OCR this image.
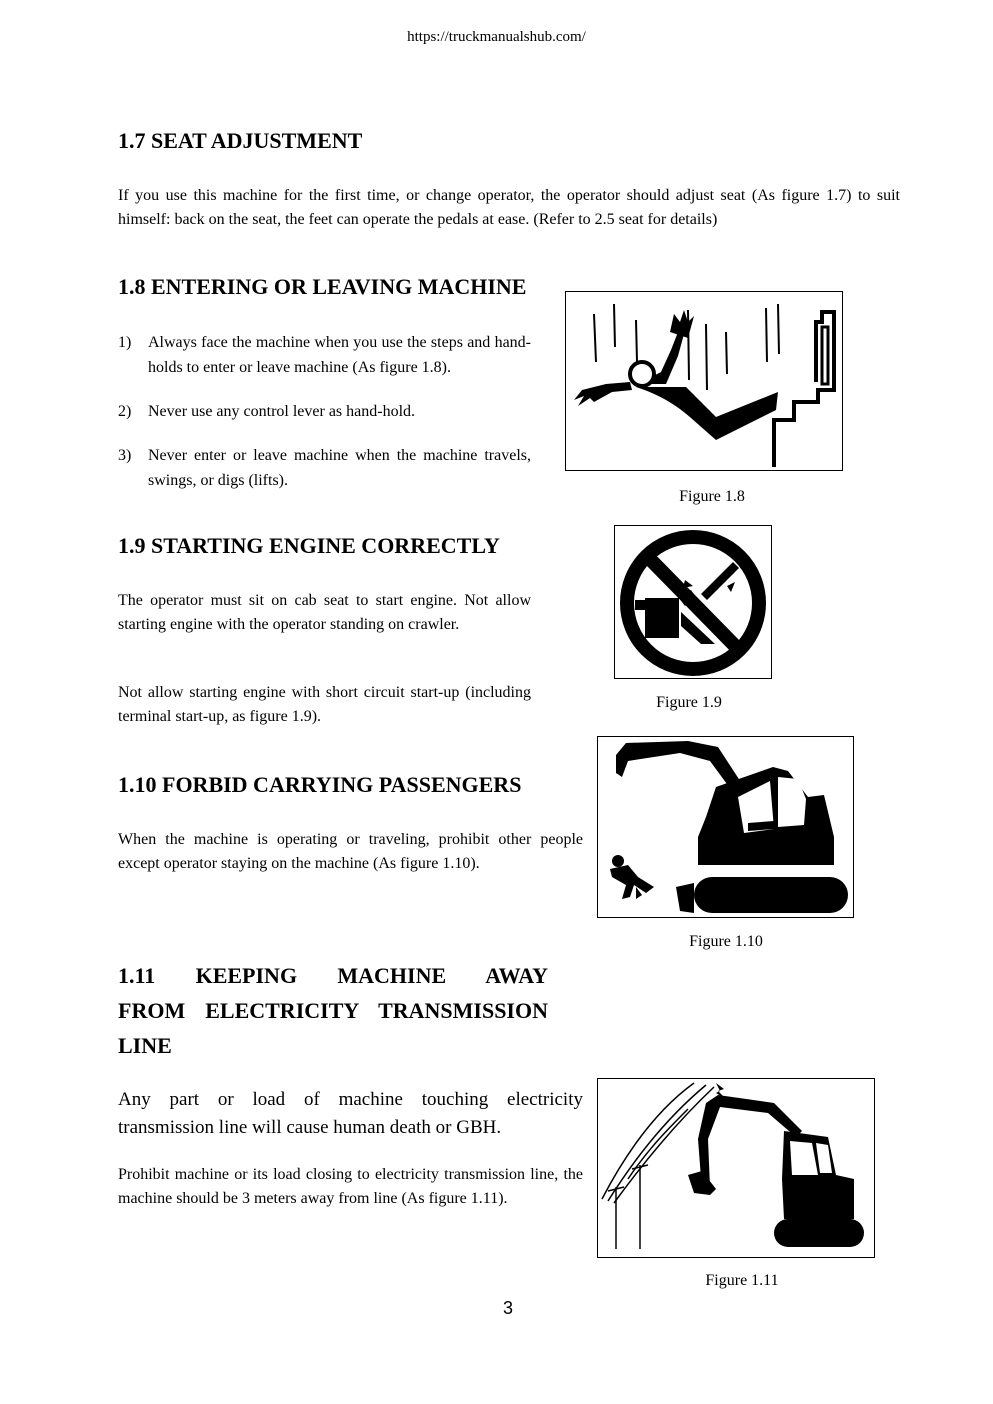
https://truckmanualshub.com/
1.7 SEAT ADJUSTMENT

If you use this machine for the first time, or change operator, the operator should adjust seat (As figure 1.7) to suit himself: back on the seat, the feet can operate the pedals at ease. (Refer to 2.5 seat for details)

1.8 ENTERING OR LEAVING MACHINE
1) Always face the machine when you use the steps and hand-holds to enter or leave machine (As figure 1.8).
2) Never use any control lever as hand-hold.
3) Never enter or leave machine when the machine travels, swings, or digs (lifts).
Figure 1.8
1.9 STARTING ENGINE CORRECTLY

The operator must sit on cab seat to start engine. Not allow starting engine with the operator standing on crawler.

Not allow starting engine with short circuit start-up (including terminal start-up, as figure 1.9).

Figure 1.9
1.10 FORBID CARRYING PASSENGERS

When the machine is operating or traveling, prohibit other people except operator staying on the machine (As figure 1.10).

Figure 1.10
1.11 KEEPING MACHINE AWAY
FROM ELECTRICITY TRANSMISSION
LINE

Any part or load of machine touching electricity transmission line will cause human death or GBH.

Prohibit machine or its load closing to electricity transmission line, the machine should be 3 meters away from line (As figure 1.11).

Figure 1.11
3
